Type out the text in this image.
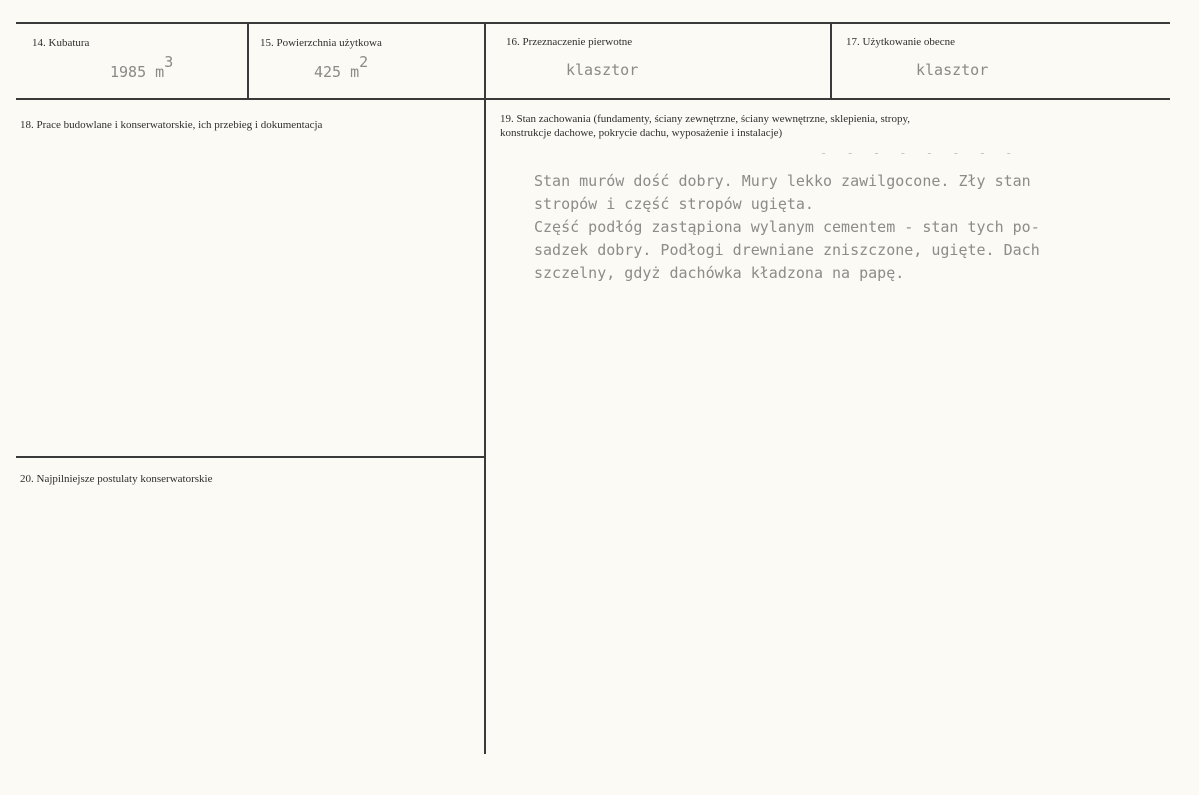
14. Kubatura
1985 m3
15. Powierzchnia użytkowa
425 m2
16. Przeznaczenie pierwotne
klasztor
17. Użytkowanie obecne
klasztor
18. Prace budowlane i konserwatorskie, ich przebieg i dokumentacja	19. Stan zachowania (fundamenty, ściany zewnętrzne, ściany wewnętrzne, sklepienia, stropy,
konstrukcje dachowe, pokrycie dachu, wyposażenie i instalacje)
- - - - - - - -
Stan murów dość dobry. Mury lekko zawilgocone. Zły stan
stropów i część stropów ugięta.
Część podłóg zastąpiona wylanym cementem - stan tych po-
sadzek dobry. Podłogi drewniane zniszczone, ugięte. Dach
szczelny, gdyż dachówka kładzona na papę.
20. Najpilniejsze postulaty konserwatorskie
